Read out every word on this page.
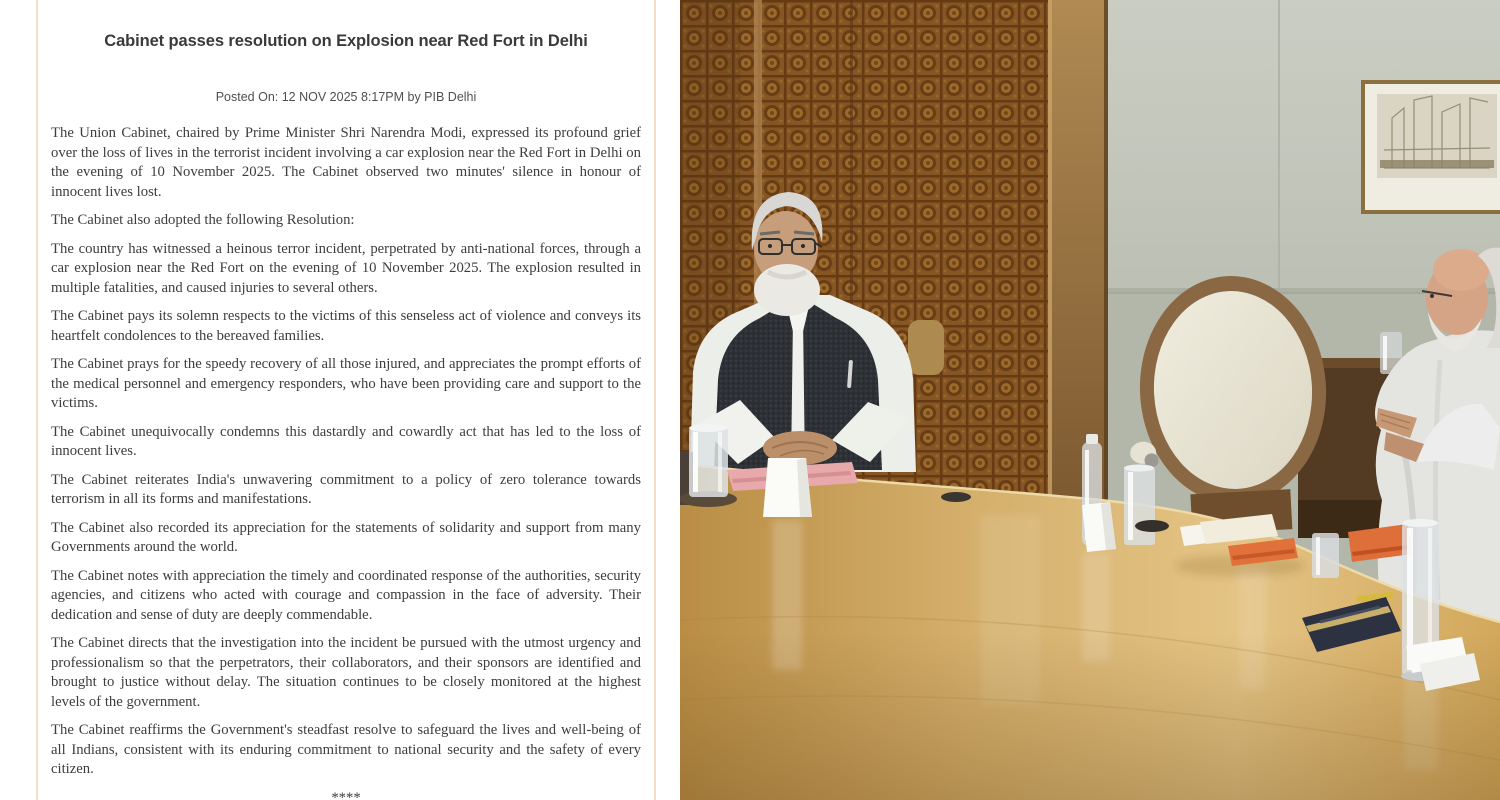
Cabinet passes resolution on Explosion near Red Fort in Delhi
Posted On: 12 NOV 2025 8:17PM by PIB Delhi

The Union Cabinet, chaired by Prime Minister Shri Narendra Modi, expressed its profound grief over the loss of lives in the terrorist incident involving a car explosion near the Red Fort in Delhi on the evening of 10 November 2025. The Cabinet observed two minutes' silence in honour of innocent lives lost.

The Cabinet also adopted the following Resolution:

The country has witnessed a heinous terror incident, perpetrated by anti-national forces, through a car explosion near the Red Fort on the evening of 10 November 2025. The explosion resulted in multiple fatalities, and caused injuries to several others.

The Cabinet pays its solemn respects to the victims of this senseless act of violence and conveys its heartfelt condolences to the bereaved families.

The Cabinet prays for the speedy recovery of all those injured, and appreciates the prompt efforts of the medical personnel and emergency responders, who have been providing care and support to the victims.

The Cabinet unequivocally condemns this dastardly and cowardly act that has led to the loss of innocent lives.

The Cabinet reiterates India's unwavering commitment to a policy of zero tolerance towards terrorism in all its forms and manifestations.

The Cabinet also recorded its appreciation for the statements of solidarity and support from many Governments around the world.

The Cabinet notes with appreciation the timely and coordinated response of the authorities, security agencies, and citizens who acted with courage and compassion in the face of adversity. Their dedication and sense of duty are deeply commendable.

The Cabinet directs that the investigation into the incident be pursued with the utmost urgency and professionalism so that the perpetrators, their collaborators, and their sponsors are identified and brought to justice without delay. The situation continues to be closely monitored at the highest levels of the government.

The Cabinet reaffirms the Government's steadfast resolve to safeguard the lives and well-being of all Indians, consistent with its enduring commitment to national security and the safety of every citizen.

****
